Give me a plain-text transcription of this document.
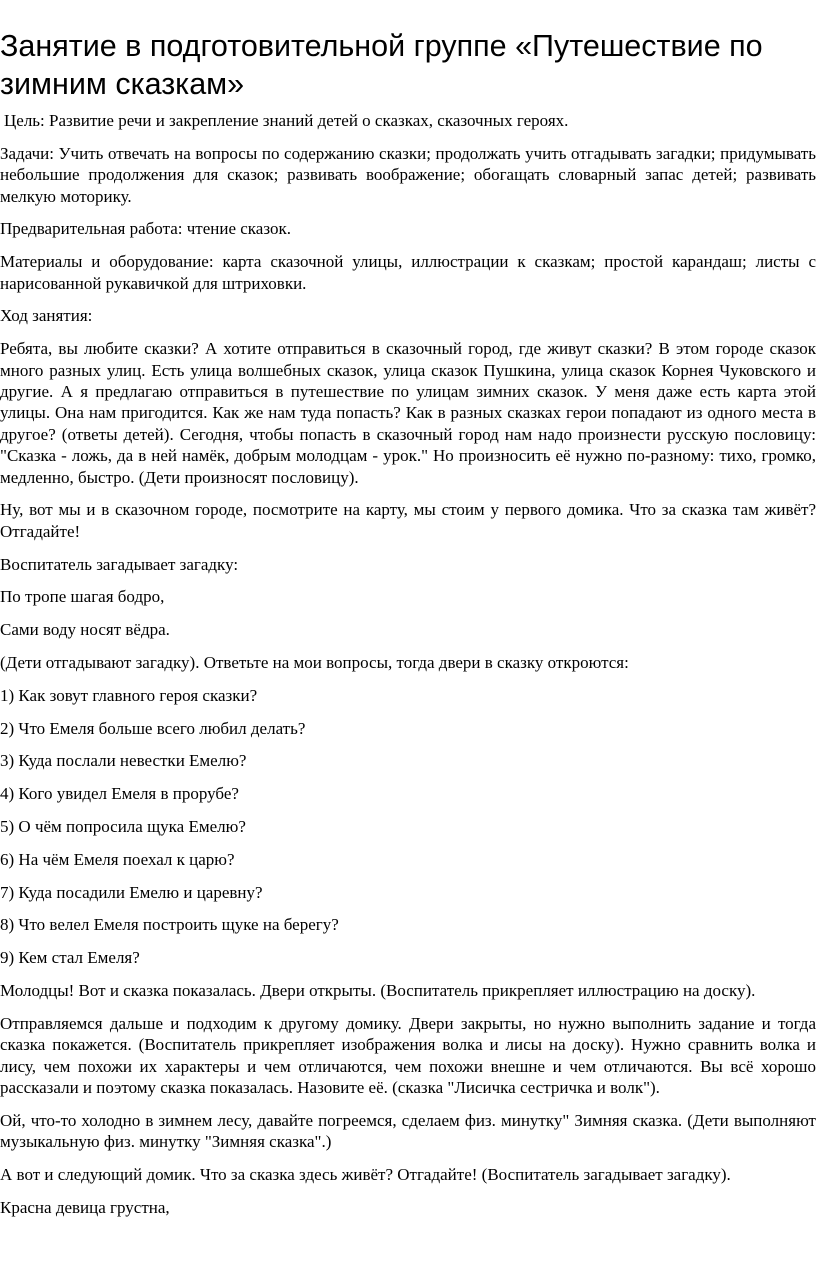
Занятие в подготовительной группе «Путешествие по зимним сказкам»

Цель: Развитие речи и закрепление знаний детей о сказках, сказочных героях.

Задачи: Учить отвечать на вопросы по содержанию сказки; продолжать учить отгадывать загадки; придумывать небольшие продолжения для сказок; развивать воображение; обогащать словарный запас детей; развивать мелкую моторику.

Предварительная работа: чтение сказок.

Материалы и оборудование: карта сказочной улицы, иллюстрации к сказкам; простой карандаш; листы с нарисованной рукавичкой для штриховки.

Ход занятия:

Ребята, вы любите сказки? А хотите отправиться в сказочный город, где живут сказки? В этом городе сказок много разных улиц. Есть улица волшебных сказок, улица сказок Пушкина, улица сказок Корнея Чуковского и другие. А я предлагаю отправиться в путешествие по улицам зимних сказок. У меня даже есть карта этой улицы. Она нам пригодится. Как же нам туда попасть? Как в разных сказках герои попадают из одного места в другое? (ответы детей). Сегодня, чтобы попасть в сказочный город нам надо произнести русскую пословицу: "Сказка - ложь, да в ней намёк, добрым молодцам - урок." Но произносить её нужно по-разному: тихо, громко, медленно, быстро. (Дети произносят пословицу).

Ну, вот мы и в сказочном городе, посмотрите на карту, мы стоим у первого домика. Что за сказка там живёт? Отгадайте!

Воспитатель загадывает загадку:

По тропе шагая бодро,

Сами воду носят вёдра.

(Дети отгадывают загадку). Ответьте на мои вопросы, тогда двери в сказку откроются:

1) Как зовут главного героя сказки?

2) Что Емеля больше всего любил делать?

3) Куда послали невестки Емелю?

4) Кого увидел Емеля в прорубе?

5) О чём попросила щука Емелю?

6) На чём Емеля поехал к царю?

7) Куда посадили Емелю и царевну?

8) Что велел Емеля построить щуке на берегу?

9) Кем стал Емеля?

Молодцы! Вот и сказка показалась. Двери открыты. (Воспитатель прикрепляет иллюстрацию на доску).

Отправляемся дальше и подходим к другому домику. Двери закрыты, но нужно выполнить задание и тогда сказка покажется. (Воспитатель прикрепляет изображения волка и лисы на доску). Нужно сравнить волка и лису, чем похожи их характеры и чем отличаются, чем похожи внешне и чем отличаются. Вы всё хорошо рассказали и поэтому сказка показалась. Назовите её. (сказка "Лисичка сестричка и волк").

Ой, что-то холодно в зимнем лесу, давайте погреемся, сделаем физ. минутку" Зимняя сказка. (Дети выполняют музыкальную физ. минутку "Зимняя сказка".)

А вот и следующий домик. Что за сказка здесь живёт? Отгадайте! (Воспитатель загадывает загадку).

Красна девица грустна,
